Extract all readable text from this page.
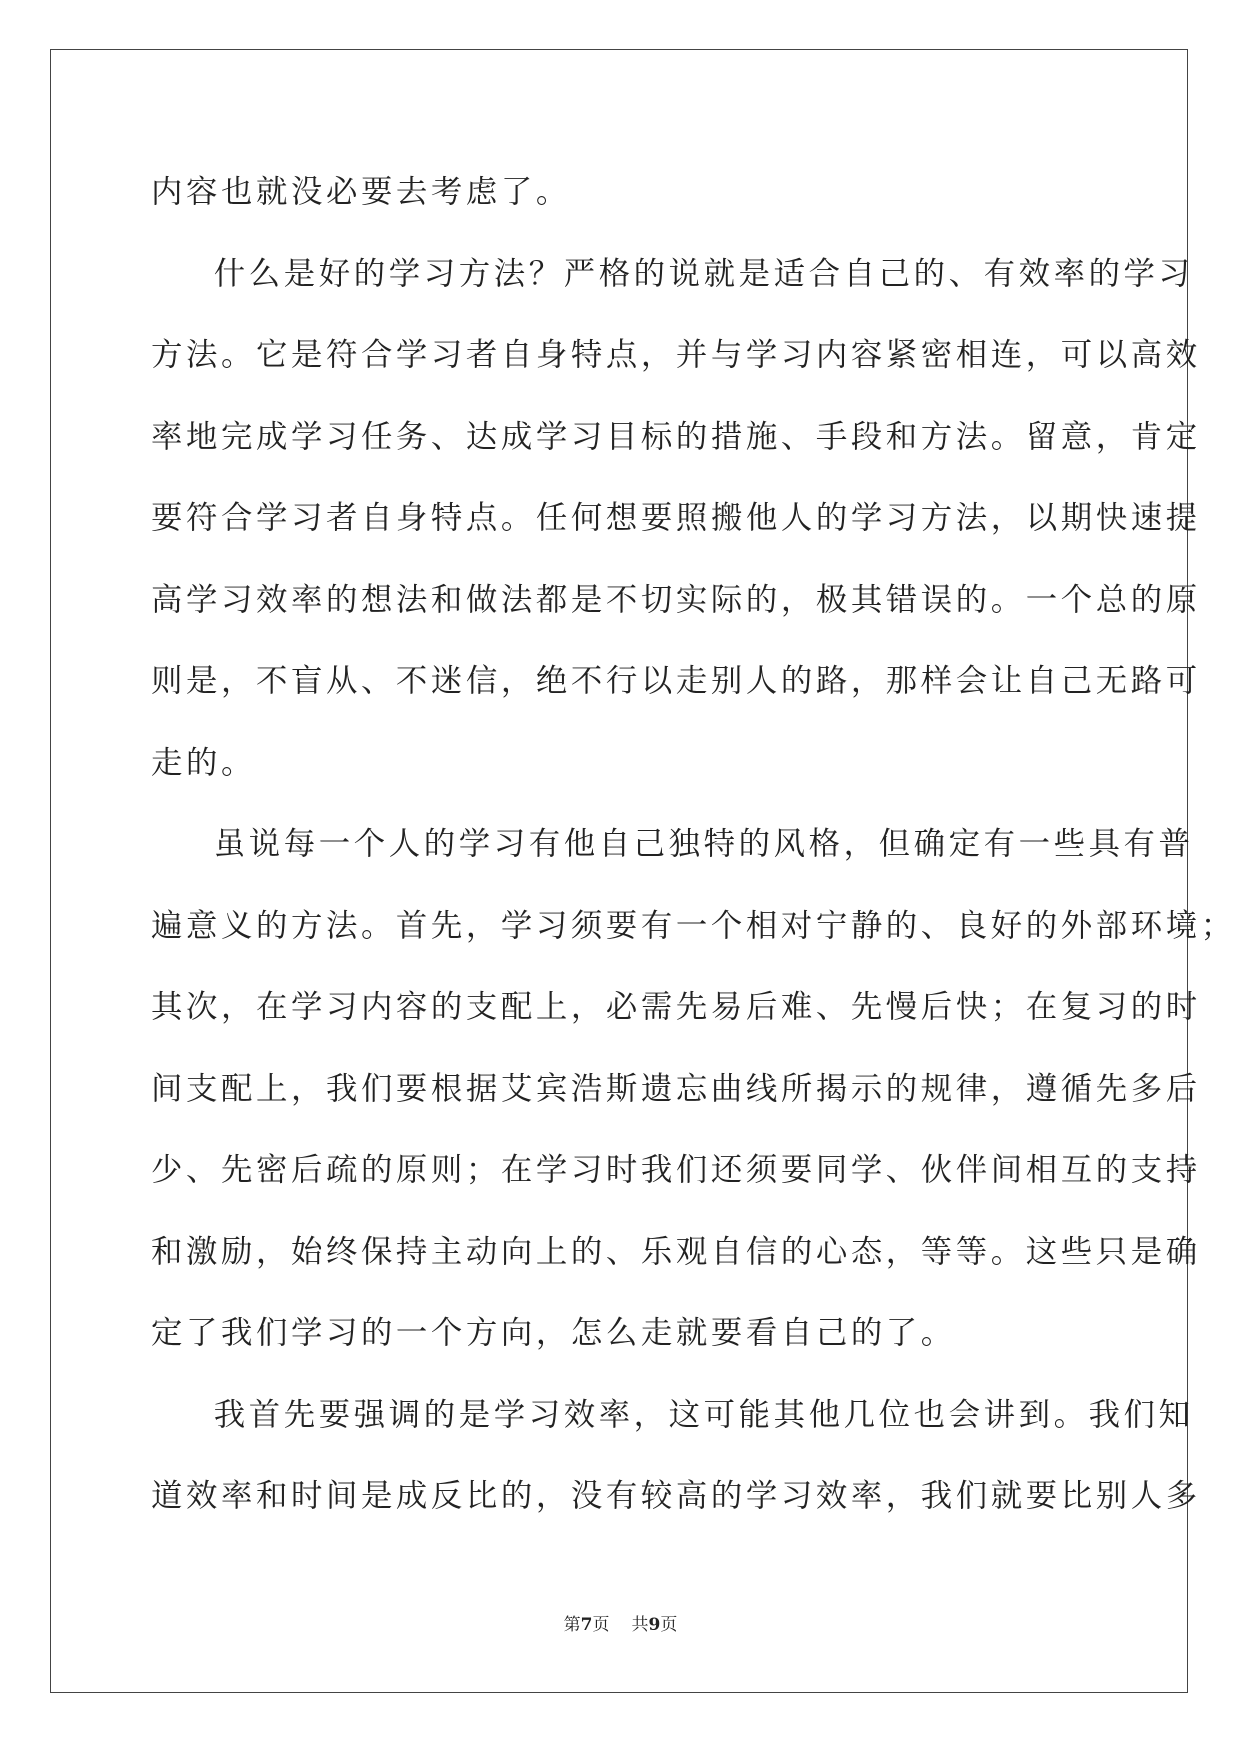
内容也就没必要去考虑了。
什么是好的学习方法？严格的说就是适合自己的、有效率的学习
方法。它是符合学习者自身特点，并与学习内容紧密相连，可以高效
率地完成学习任务、达成学习目标的措施、手段和方法。留意，肯定
要符合学习者自身特点。任何想要照搬他人的学习方法，以期快速提
高学习效率的想法和做法都是不切实际的，极其错误的。一个总的原
则是，不盲从、不迷信，绝不行以走别人的路，那样会让自己无路可
走的。
虽说每一个人的学习有他自己独特的风格，但确定有一些具有普
遍意义的方法。首先，学习须要有一个相对宁静的、良好的外部环境；
其次，在学习内容的支配上，必需先易后难、先慢后快；在复习的时
间支配上，我们要根据艾宾浩斯遗忘曲线所揭示的规律，遵循先多后
少、先密后疏的原则；在学习时我们还须要同学、伙伴间相互的支持
和激励，始终保持主动向上的、乐观自信的心态，等等。这些只是确
定了我们学习的一个方向，怎么走就要看自己的了。
我首先要强调的是学习效率，这可能其他几位也会讲到。我们知
道效率和时间是成反比的，没有较高的学习效率，我们就要比别人多
第7页 共9页
